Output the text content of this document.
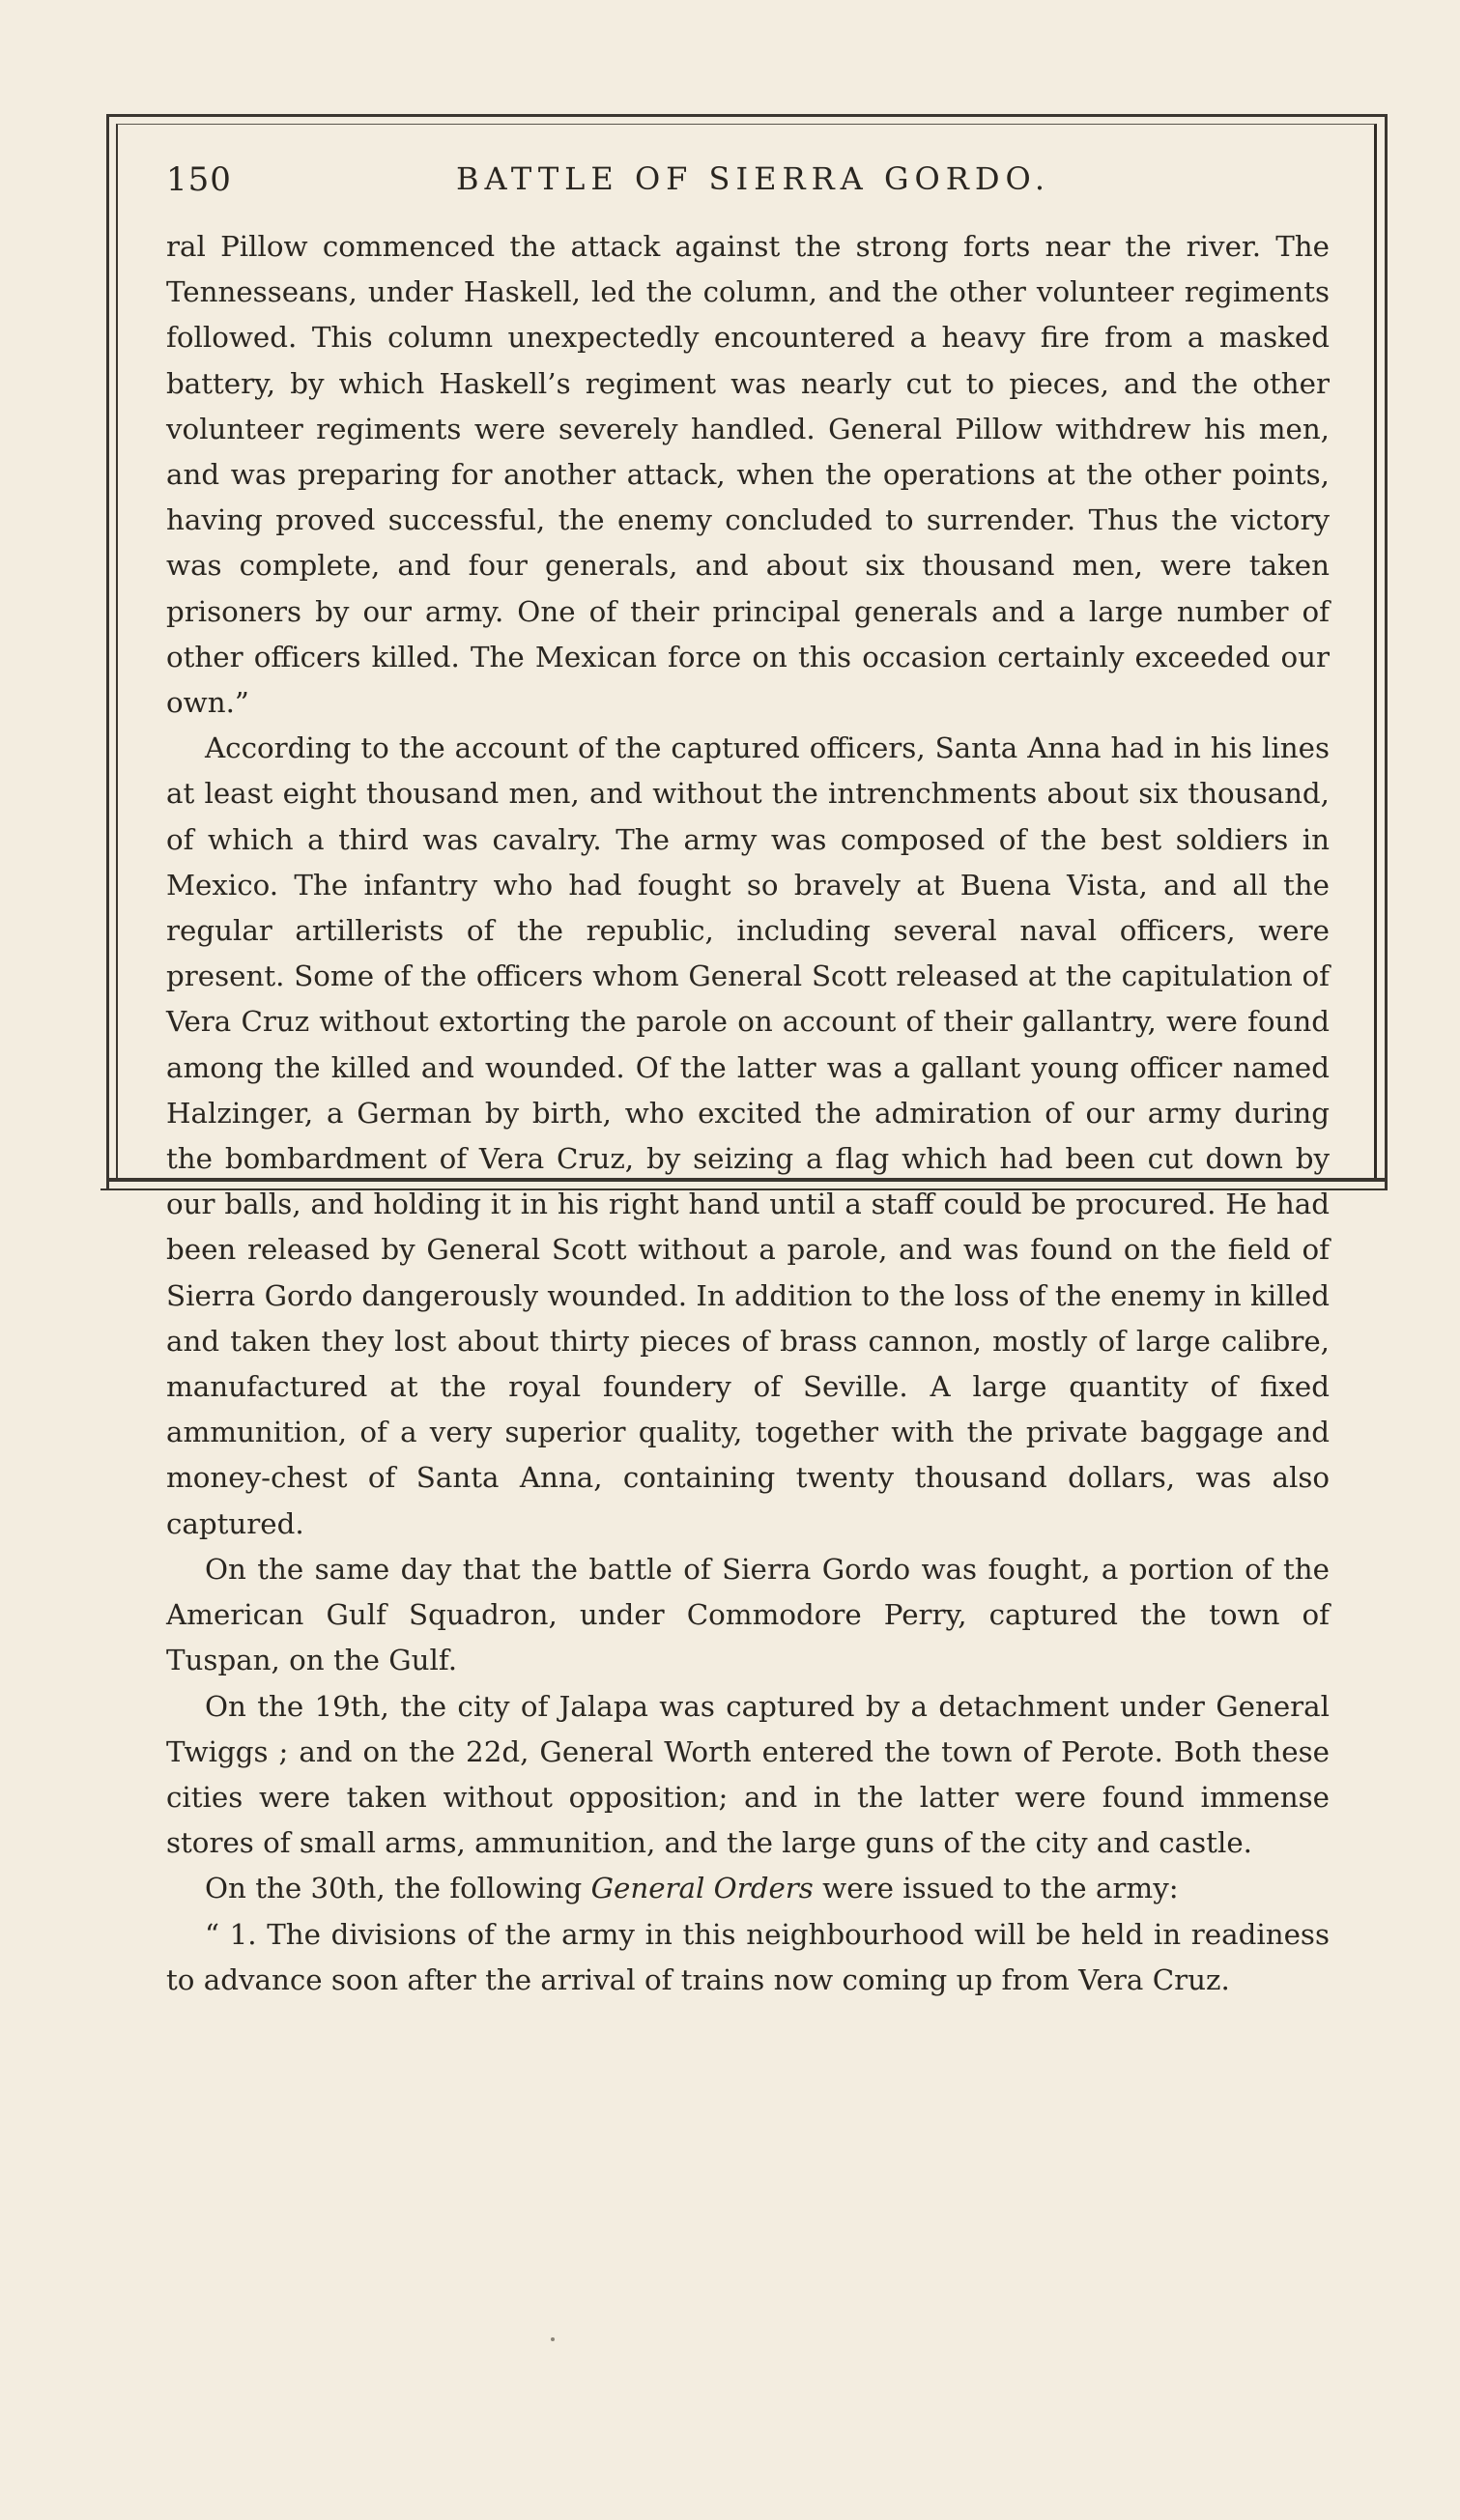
150	BATTLE OF SIERRA GORDO.

ral Pillow commenced the attack against the strong forts near the river. The Tennesseans, under Haskell, led the column, and the other volunteer regiments followed. This column unexpectedly encountered a heavy fire from a masked battery, by which Haskell’s regiment was nearly cut to pieces, and the other volunteer regiments were severely handled. General Pillow withdrew his men, and was preparing for another attack, when the operations at the other points, having proved successful, the enemy concluded to surrender. Thus the victory was complete, and four generals, and about six thousand men, were taken prisoners by our army. One of their principal generals and a large number of other officers killed. The Mexican force on this occasion certainly exceeded our own.”

According to the account of the captured officers, Santa Anna had in his lines at least eight thousand men, and without the intrenchments about six thousand, of which a third was cavalry. The army was composed of the best soldiers in Mexico. The infantry who had fought so bravely at Buena Vista, and all the regular artillerists of the republic, including several naval officers, were present. Some of the officers whom General Scott released at the capitulation of Vera Cruz without extorting the parole on account of their gallantry, were found among the killed and wounded. Of the latter was a gallant young officer named Halzinger, a German by birth, who excited the admiration of our army during the bombardment of Vera Cruz, by seizing a flag which had been cut down by our balls, and holding it in his right hand until a staff could be procured. He had been released by General Scott without a parole, and was found on the field of Sierra Gordo dangerously wounded. In addition to the loss of the enemy in killed and taken they lost about thirty pieces of brass cannon, mostly of large calibre, manufactured at the royal foundery of Seville. A large quantity of fixed ammunition, of a very superior quality, together with the private baggage and money-chest of Santa Anna, containing twenty thousand dollars, was also captured.

On the same day that the battle of Sierra Gordo was fought, a portion of the American Gulf Squadron, under Commodore Perry, captured the town of Tuspan, on the Gulf.

On the 19th, the city of Jalapa was captured by a detachment under General Twiggs ; and on the 22d, General Worth entered the town of Perote. Both these cities were taken without opposition; and in the latter were found immense stores of small arms, ammunition, and the large guns of the city and castle.

On the 30th, the following General Orders were issued to the army:

“ 1. The divisions of the army in this neighbourhood will be held in readiness to advance soon after the arrival of trains now coming up from Vera Cruz.
